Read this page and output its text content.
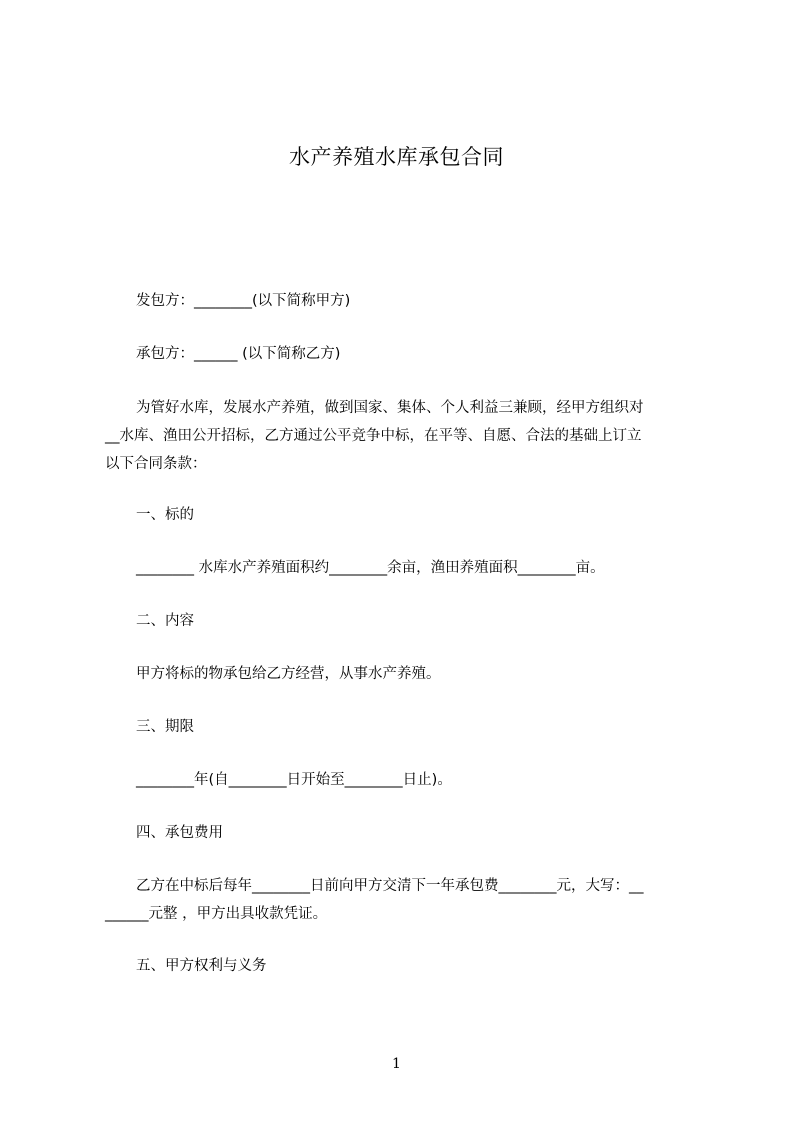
水产养殖水库承包合同
发包方：________(以下简称甲方)
承包方：______ (以下简称乙方)
为管好水库，发展水产养殖，做到国家、集体、个人利益三兼顾，经甲方组织对
__水库、渔田公开招标，乙方通过公平竞争中标，在平等、自愿、合法的基础上订立
以下合同条款：
一、标的
________ 水库水产养殖面积约________余亩，渔田养殖面积________亩。
二、内容
甲方将标的物承包给乙方经营，从事水产养殖。
三、期限
________年(自________日开始至________日止)。
四、承包费用
乙方在中标后每年________日前向甲方交清下一年承包费________元，大写：__
______元整 ，甲方出具收款凭证。
五、甲方权利与义务
1
